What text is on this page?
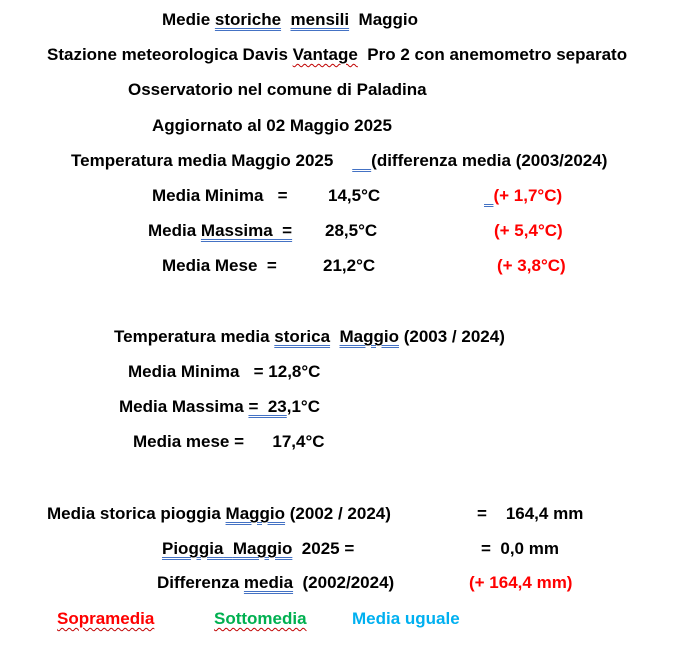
Medie storiche mensili  Maggio
Stazione meteorologica Davis Vantage  Pro 2 con anemometro separato
Osservatorio nel comune di Paladina
Aggiornato al 02 Maggio 2025
Temperatura media Maggio 2025 (differenza media (2003/2024)
Media Minima   = 14,5°C	(+ 1,7°C)
Media Massima  = 28,5°C	(+ 5,4°C)
Media Mese  =	21,2°C	(+ 3,8°C)
Temperatura media storica Maggio (2003 / 2024)
Media Minima   = 12,8°C
Media Massima =  23,1°C
Media mese =      17,4°C
Media storica pioggia Maggio (2002 / 2024)	=    164,4 mm
Pioggia Maggio  2025 =	=  0,0 mm
Differenza media  (2002/2024)	(+ 164,4 mm)
Sopramedia	Sottomedia	Media uguale
